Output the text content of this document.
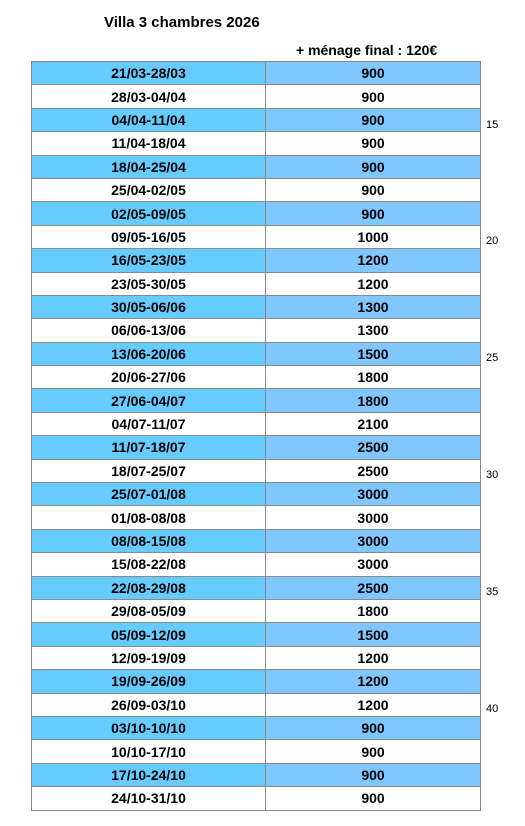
Villa 3 chambres 2026
+ ménage final : 120€
21/03-28/03	900
28/03-04/04	900
04/04-11/04	900
11/04-18/04	900
18/04-25/04	900
25/04-02/05	900
02/05-09/05	900
09/05-16/05	1000
16/05-23/05	1200
23/05-30/05	1200
30/05-06/06	1300
06/06-13/06	1300
13/06-20/06	1500
20/06-27/06	1800
27/06-04/07	1800
04/07-11/07	2100
11/07-18/07	2500
18/07-25/07	2500
25/07-01/08	3000
01/08-08/08	3000
08/08-15/08	3000
15/08-22/08	3000
22/08-29/08	2500
29/08-05/09	1800
05/09-12/09	1500
12/09-19/09	1200
19/09-26/09	1200
26/09-03/10	1200
03/10-10/10	900
10/10-17/10	900
17/10-24/10	900
24/10-31/10	900
15
20
25
30
35
40
